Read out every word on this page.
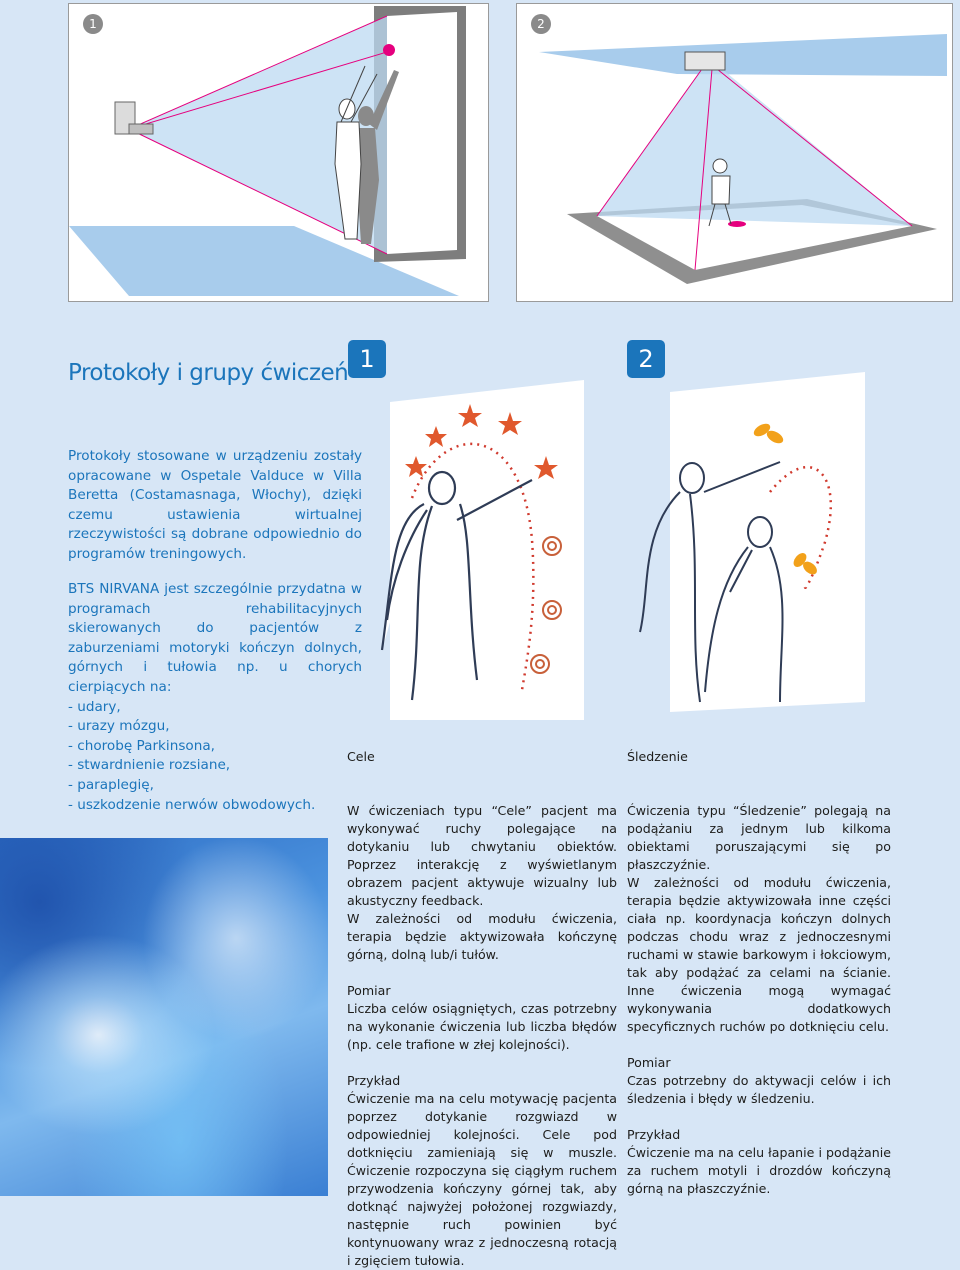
1	2
Protokoły i grupy ćwiczeń 1	2

Protokoły stosowane w urządzeniu zostały opracowane w Ospetale Valduce w Villa Beretta (Costamasnaga, Włochy), dzięki czemu ustawienia wirtualnej rzeczywistości są dobrane odpowiednio do programów treningowych.

BTS NIRVANA jest szczególnie przydatna w programach rehabilitacyjnych skierowanych do pacjentów z zaburzeniami motoryki kończyn dolnych, górnych i tułowia np. u chorych cierpiących na:

- udary,
- urazy mózgu,
- chorobę Parkinsona,
- stwardnienie rozsiane,
- paraplegię,
- uszkodzenie nerwów obwodowych.
Cele

W ćwiczeniach typu “Cele” pacjent ma wykonywać ruchy polegające na dotykaniu lub chwytaniu obiektów. Poprzez interakcję z wyświetlanym obrazem pacjent aktywuje wizualny lub akustyczny feedback.

W zależności od modułu ćwiczenia, terapia będzie aktywizowała kończynę górną, dolną lub/i tułów.

Pomiar

Liczba celów osiągniętych, czas potrzebny na wykonanie ćwiczenia lub liczba błędów (np. cele trafione w złej kolejności).

Przykład

Ćwiczenie ma na celu motywację pacjenta poprzez dotykanie rozgwiazd w odpowiedniej kolejności. Cele pod dotknięciu zamieniają się w muszle. Ćwiczenie rozpoczyna się ciągłym ruchem przywodzenia kończyny górnej tak, aby dotknąć najwyżej położonej rozgwiazdy, następnie ruch powinien być kontynuowany wraz z jednoczesną rotacją i zgięciem tułowia.

Śledzenie

Ćwiczenia typu “Śledzenie” polegają na podążaniu za jednym lub kilkoma obiektami poruszającymi się po płaszczyźnie.

W zależności od modułu ćwiczenia, terapia będzie aktywizowała inne części ciała np. koordynacja kończyn dolnych podczas chodu wraz z jednoczesnymi ruchami w stawie barkowym i łokciowym, tak aby podążać za celami na ścianie. Inne ćwiczenia mogą wymagać wykonywania dodatkowych specyficznych ruchów po dotknięciu celu.

Pomiar

Czas potrzebny do aktywacji celów i ich śledzenia i błędy w śledzeniu.

Przykład

Ćwiczenie ma na celu łapanie i podążanie za ruchem motyli i drozdów kończyną górną na płaszczyźnie.
